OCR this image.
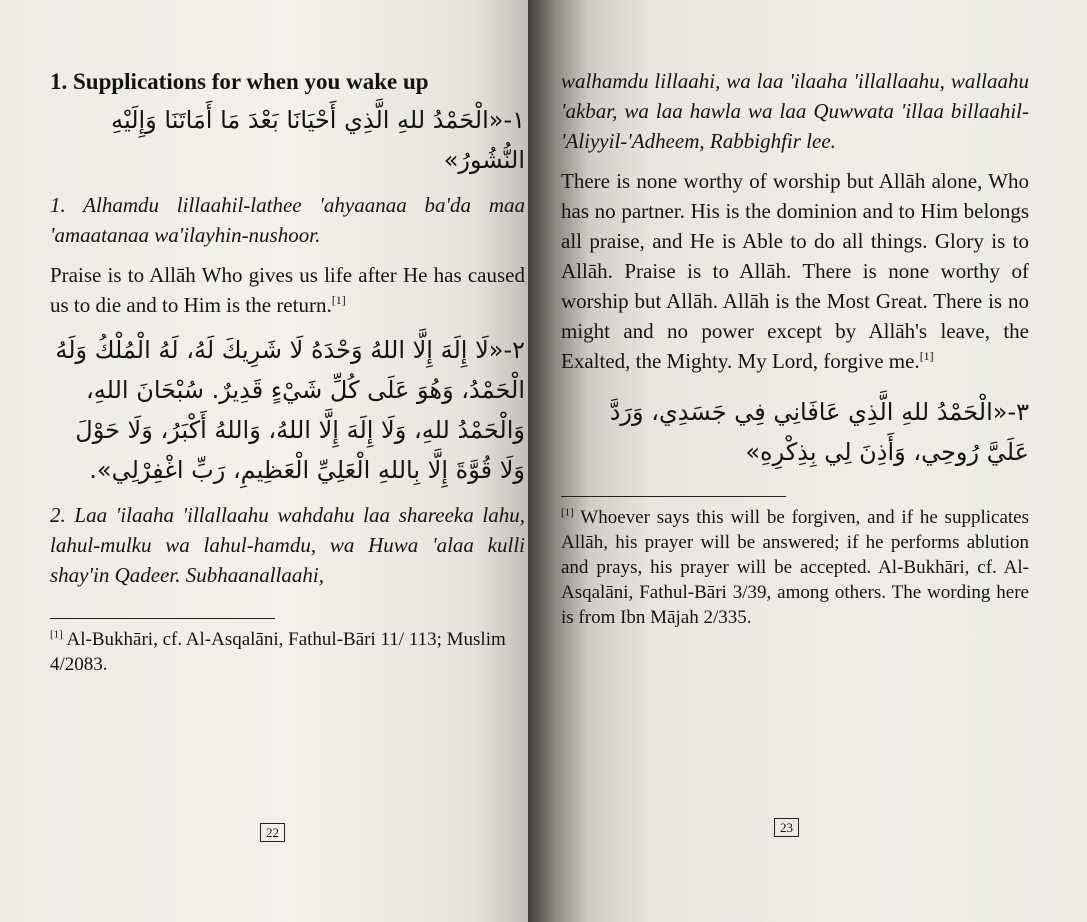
1. Supplications for when you wake up

١-«الْحَمْدُ للهِ الَّذِي أَحْيَانَا بَعْدَ مَا أَمَاتَنَا وَإِلَيْهِ النُّشُورُ»

1. Alhamdu lillaahil-lathee 'ahyaanaa ba'da maa 'amaatanaa wa'ilayhin-nushoor.

Praise is to Allāh Who gives us life after He has caused us to die and to Him is the return.[1]

٢-«لَا إِلَهَ إِلَّا اللهُ وَحْدَهُ لَا شَرِيكَ لَهُ، لَهُ الْمُلْكُ وَلَهُ الْحَمْدُ، وَهُوَ عَلَى كُلِّ شَيْءٍ قَدِيرٌ. سُبْحَانَ اللهِ، وَالْحَمْدُ للهِ، وَلَا إِلَهَ إِلَّا اللهُ، وَاللهُ أَكْبَرُ، وَلَا حَوْلَ وَلَا قُوَّةَ إِلَّا بِاللهِ الْعَلِيِّ الْعَظِيمِ، رَبِّ اغْفِرْلِي».

2. Laa 'ilaaha 'illallaahu wahdahu laa shareeka lahu, lahul-mulku wa lahul-hamdu, wa Huwa 'alaa kulli shay'in Qadeer. Subhaanallaahi,

[1] Al-Bukhāri, cf. Al-Asqalāni, Fathul-Bāri 11/ 113; Muslim 4/2083.

22

walhamdu lillaahi, wa laa 'ilaaha 'illallaahu, wallaahu 'akbar, wa laa hawla wa laa Quwwata 'illaa billaahil-'Aliyyil-'Adheem, Rabbighfir lee.

There is none worthy of worship but Allāh alone, Who has no partner. His is the dominion and to Him belongs all praise, and He is Able to do all things. Glory is to Allāh. Praise is to Allāh. There is none worthy of worship but Allāh. Allāh is the Most Great. There is no might and no power except by Allāh's leave, the Exalted, the Mighty. My Lord, forgive me.[1]

٣-«الْحَمْدُ للهِ الَّذِي عَافَانِي فِي جَسَدِي، وَرَدَّ عَلَيَّ رُوحِي، وَأَذِنَ لِي بِذِكْرِهِ»

[1] Whoever says this will be forgiven, and if he supplicates Allāh, his prayer will be answered; if he performs ablution and prays, his prayer will be accepted. Al-Bukhāri, cf. Al-Asqalāni, Fathul-Bāri 3/39, among others. The wording here is from Ibn Mājah 2/335.

23
